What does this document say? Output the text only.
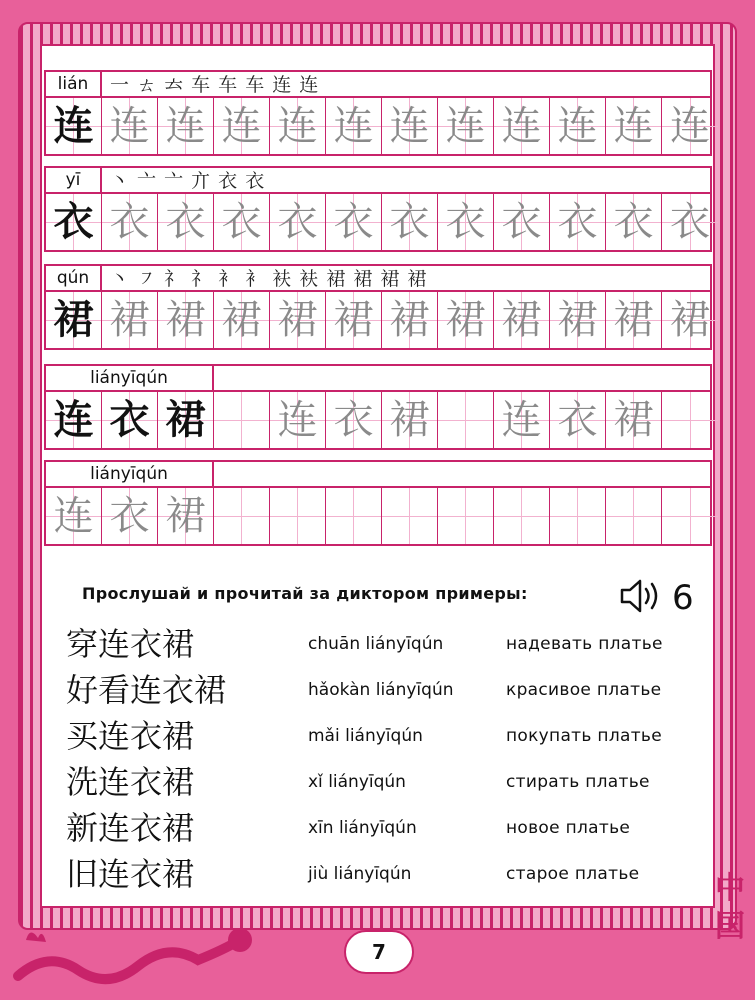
lián	一 ㄊ 𠫓 车 车 车 连 连
连 连 连 连 连 连 连 连 连 连 连 连
yī	丶 亠 亠 亣 衣 衣
衣 衣 衣 衣 衣 衣 衣 衣 衣 衣 衣 衣
qún	丶 ㇇ 礻 礻 衤 衤 衭 衭 裙 裙 裙 裙
裙 裙 裙 裙 裙 裙 裙 裙 裙 裙 裙 裙
liányīqún
连 衣 裙 连 衣 裙 连 衣 裙
liányīqún
连 衣 裙
Прослушай и прочитай за диктором примеры:	6
穿连衣裙	chuān liányīqún	надевать платье
好看连衣裙	hǎokàn liányīqún	красивое платье
买连衣裙	mǎi liányīqún	покупать платье
洗连衣裙	xǐ liányīqún	стирать платье
新连衣裙	xīn liányīqún	новое платье
旧连衣裙	jiù liányīqún	старое платье
7
中国
